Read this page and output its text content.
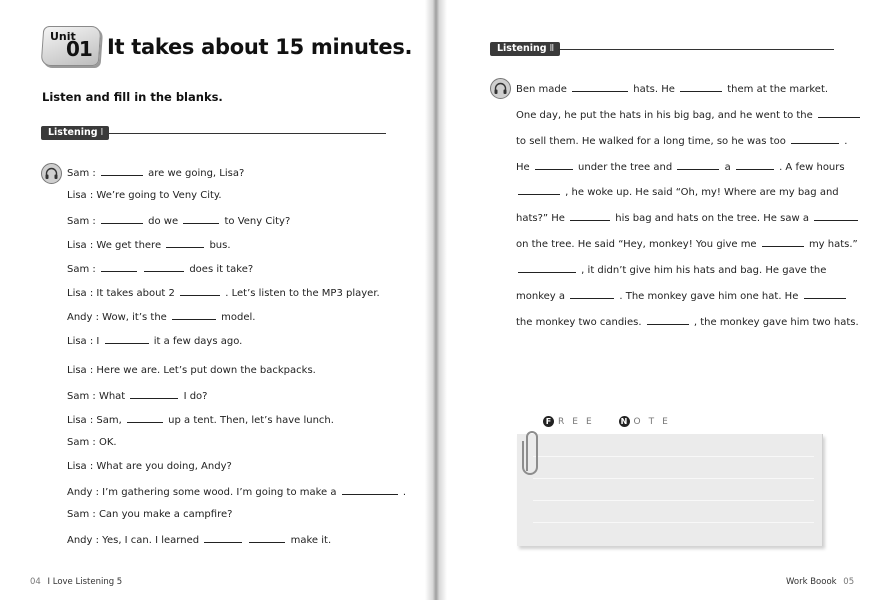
Unit
01 It takes about 15 minutes.
Listen and fill in the blanks.
Listening Ⅰ
Listening Ⅱ
Sam :	are we going, Lisa?
Lisa : We’re going to Veny City.
Sam :	do we	to Veny City?
Lisa : We get there	bus.
Sam :	does it take?
Lisa : It takes about 2	. Let’s listen to the MP3 player.
Andy : Wow, it’s the	model.
Lisa : I	it a few days ago.
Lisa : Here we are. Let’s put down the backpacks.
Sam : What	I do?
Lisa : Sam,	up a tent. Then, let’s have lunch.
Sam : OK.
Lisa : What are you doing, Andy?
Andy : I’m gathering some wood. I’m going to make a	.
Sam : Can you make a campfire?
Andy : Yes, I can. I learned	make it.
Ben made	hats. He	them at the market.
One day, he put the hats in his big bag, and he went to the
to sell them. He walked for a long time, so he was too	.
He	under the tree and	a	. A few hours
, he woke up. He said “Oh, my! Where are my bag and
hats?” He	his bag and hats on the tree. He saw a
on the tree. He said “Hey, monkey! You give me	my hats.”
, it didn’t give him his hats and bag. He gave the
monkey a	. The monkey gave him one hat. He
the monkey two candies.	, the monkey gave him two hats.
F REE	N OTE
04 I Love Listening 5	Work Boook 05
